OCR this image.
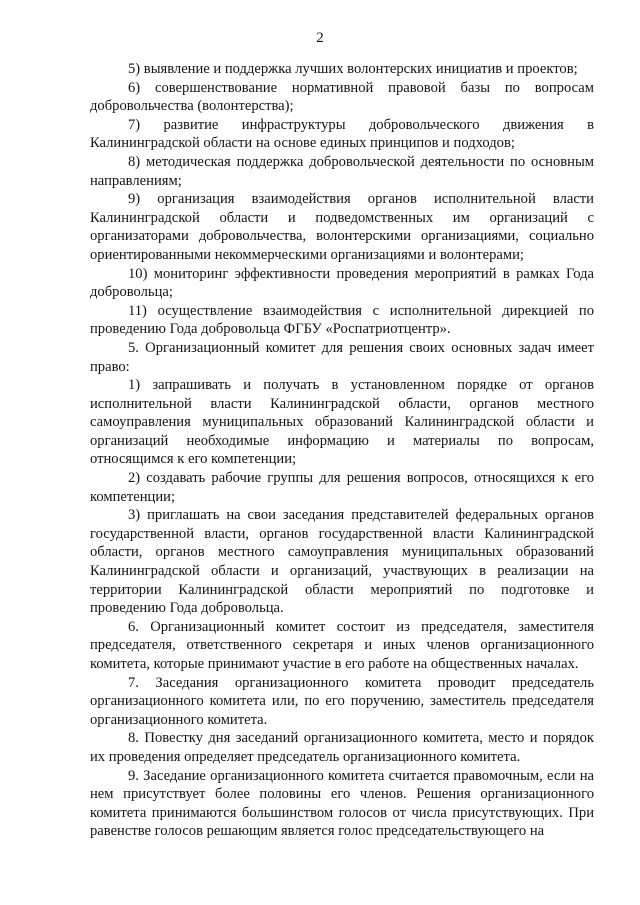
2

5) выявление и поддержка лучших волонтерских инициатив и проектов;

6) совершенствование нормативной правовой базы по вопросам добровольчества (волонтерства);

7) развитие инфраструктуры добровольческого движения в Калининградской области на основе единых принципов и подходов;

8) методическая поддержка добровольческой деятельности по основным направлениям;

9) организация взаимодействия органов исполнительной власти Калининградской области и подведомственных им организаций с организаторами добровольчества, волонтерскими организациями, социально ориентированными некоммерческими организациями и волонтерами;

10) мониторинг эффективности проведения мероприятий в рамках Года добровольца;

11) осуществление взаимодействия с исполнительной дирекцией по проведению Года добровольца ФГБУ «Роспатриотцентр».

5. Организационный комитет для решения своих основных задач имеет право:

1) запрашивать и получать в установленном порядке от органов исполнительной власти Калининградской области, органов местного самоуправления муниципальных образований Калининградской области и организаций необходимые информацию и материалы по вопросам, относящимся к его компетенции;

2) создавать рабочие группы для решения вопросов, относящихся к его компетенции;

3) приглашать на свои заседания представителей федеральных органов государственной власти, органов государственной власти Калининградской области, органов местного самоуправления муниципальных образований Калининградской области и организаций, участвующих в реализации на территории Калининградской области мероприятий по подготовке и проведению Года добровольца.

6. Организационный комитет состоит из председателя, заместителя председателя, ответственного секретаря и иных членов организационного комитета, которые принимают участие в его работе на общественных началах.

7. Заседания организационного комитета проводит председатель организационного комитета или, по его поручению, заместитель председателя организационного комитета.

8. Повестку дня заседаний организационного комитета, место и порядок их проведения определяет председатель организационного комитета.

9. Заседание организационного комитета считается правомочным, если на нем присутствует более половины его членов. Решения организационного комитета принимаются большинством голосов от числа присутствующих. При равенстве голосов решающим является голос председательствующего на
